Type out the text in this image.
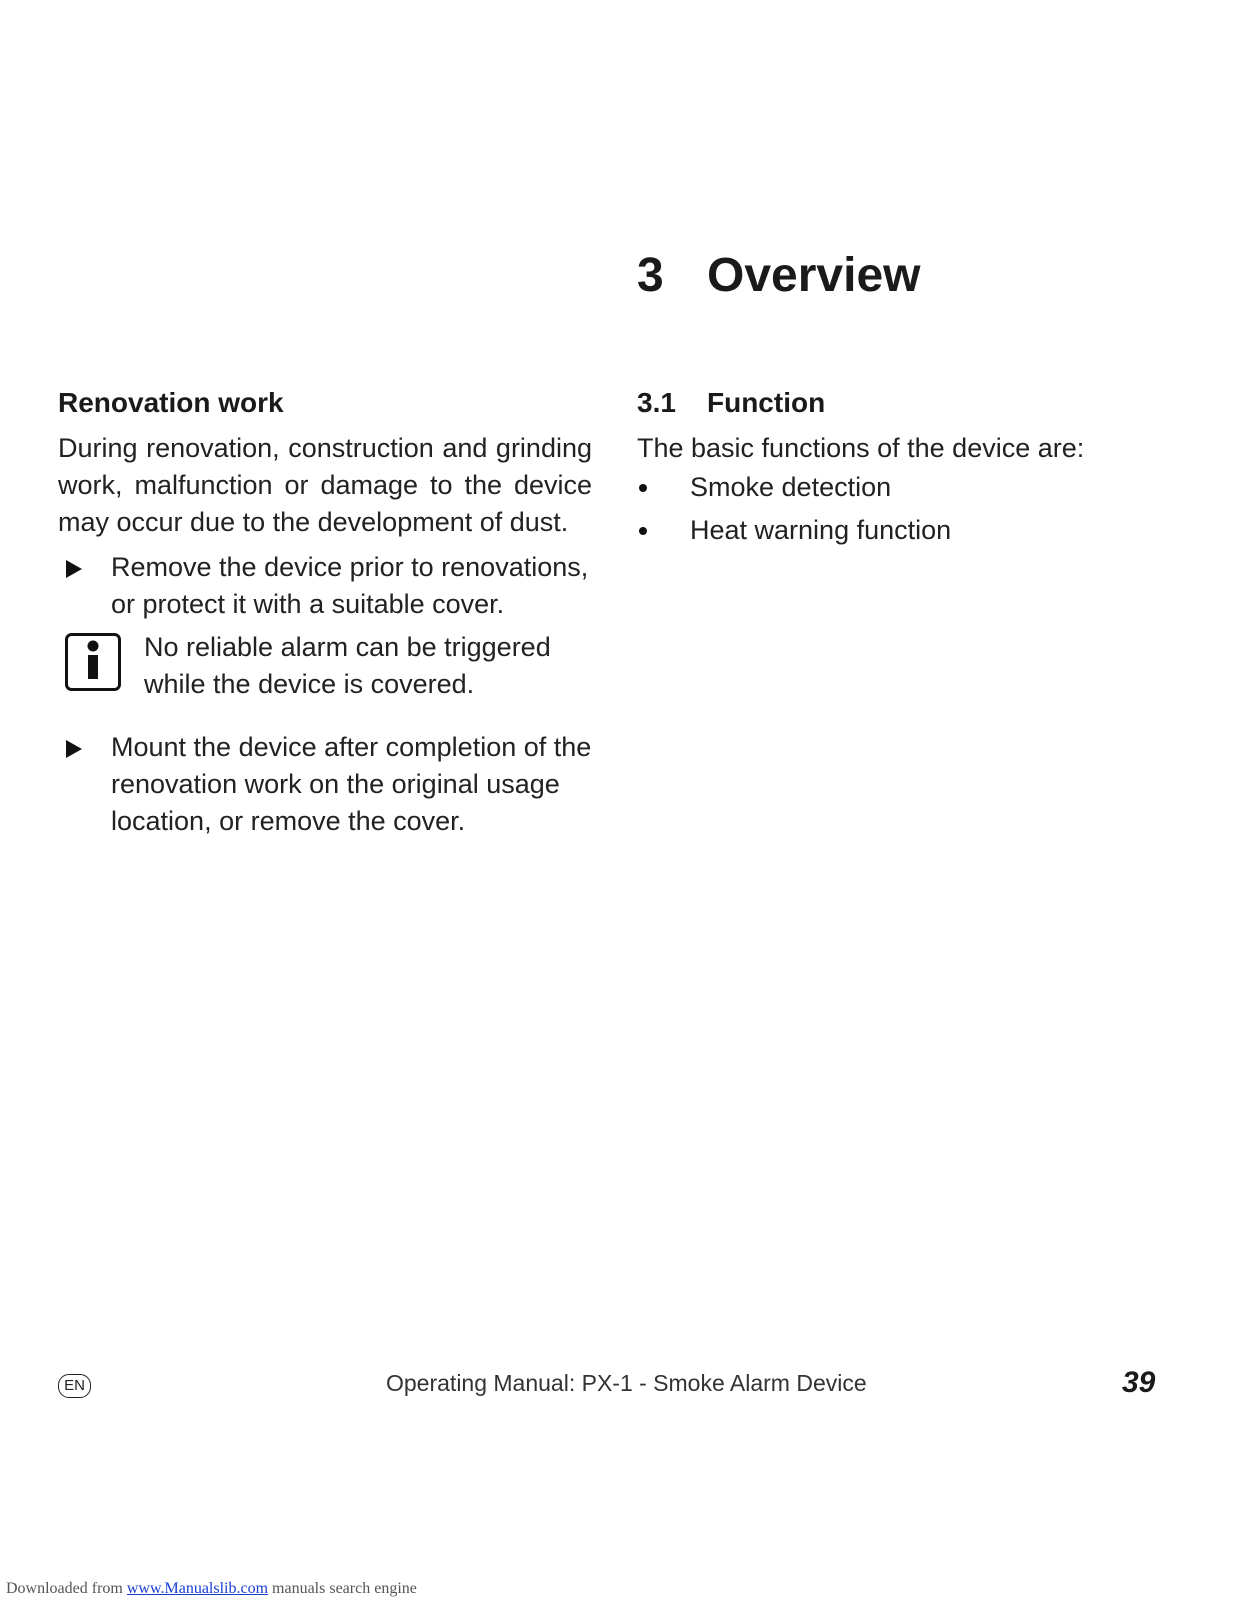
3 Overview
Renovation work

During renovation, construction and grinding work, malfunction or damage to the device may occur due to the development of dust.

Remove the device prior to renovations, or protect it with a suitable cover.
No reliable alarm can be triggered while the device is covered.
Mount the device after completion of the renovation work on the original usage location, or remove the cover.
3.1 Function

The basic functions of the device are:

Smoke detection
Heat warning function
EN	Operating Manual: PX-1 - Smoke Alarm Device	39
Downloaded from www.Manualslib.com manuals search engine
